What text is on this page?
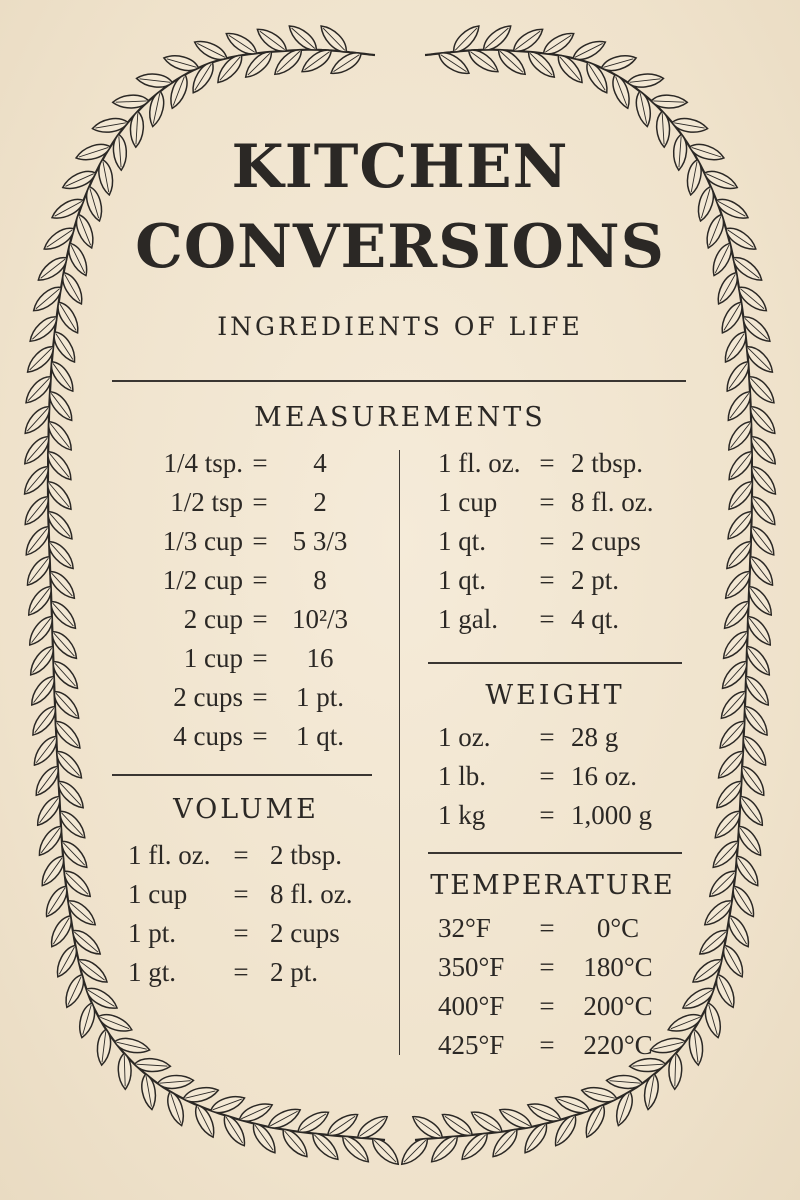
KITCHEN
CONVERSIONS
INGREDIENTS OF LIFE
MEASUREMENTS
1/4 tsp. =	4
1/2 tsp =	2
1/3 cup = 5 3/3
1/2 cup =	8
2 cup = 10²/3
1 cup =	16
2 cups =	1 pt.
4 cups =	1 qt.
VOLUME
1 fl. oz. = 2 tbsp.
1 cup	= 8 fl. oz.
1 pt.	= 2 cups
1 gt.	= 2 pt.
1 fl. oz. = 2 tbsp.
1 cup	= 8 fl. oz.
1 qt.	= 2 cups
1 qt.	= 2 pt.
1 gal.	= 4 qt.
WEIGHT
1 oz.	= 28 g
1 lb.	= 16 oz.
1 kg	= 1,000 g
TEMPERATURE
32°F	=	0°C
350°F	=	180°C
400°F	=	200°C
425°F	=	220°C
